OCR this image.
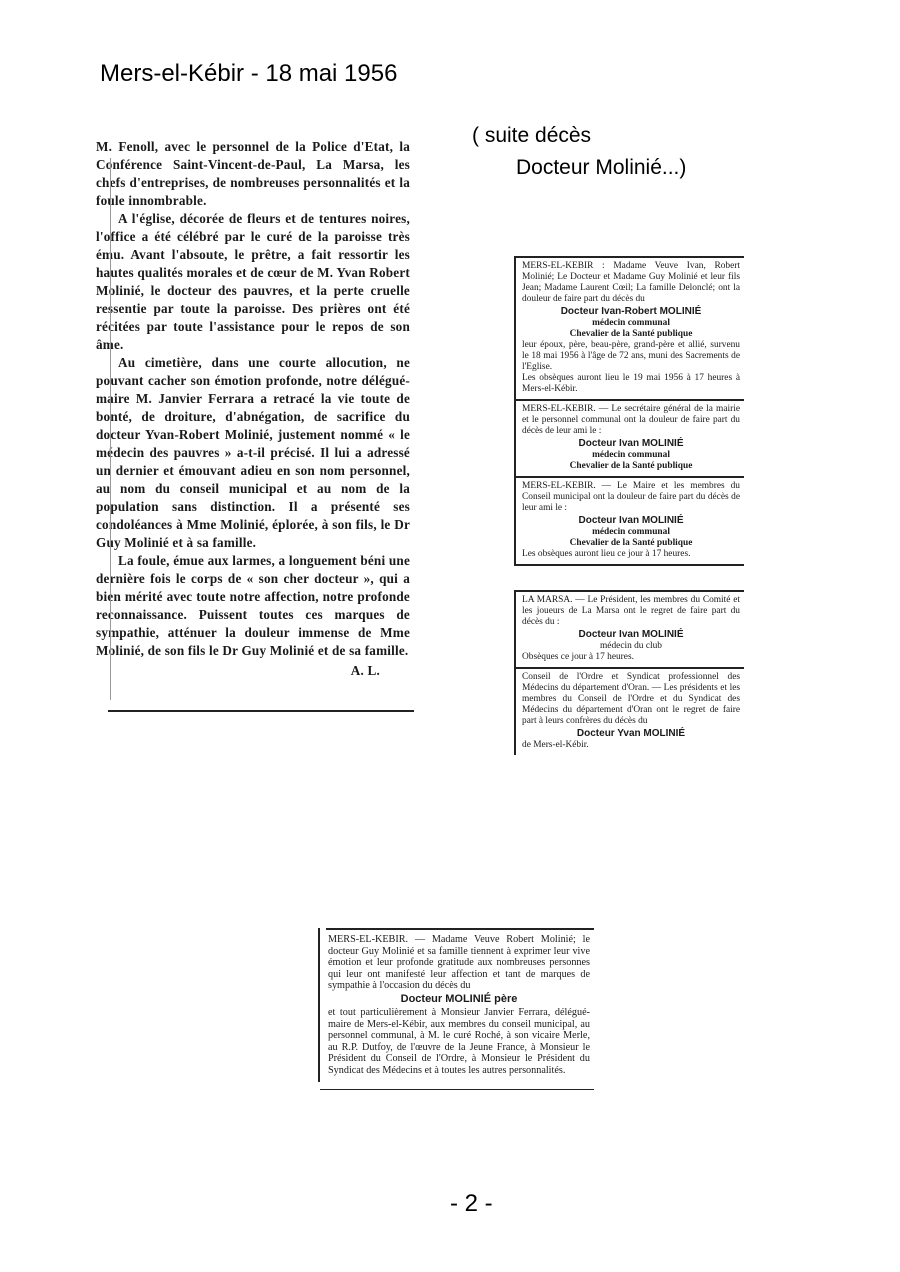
Mers-el-Kébir - 18 mai 1956
( suite décès
Docteur Molinié...)

M. Fenoll, avec le personnel de la Police d'Etat, la Conférence Saint-Vincent-de-Paul, La Marsa, les chefs d'entreprises, de nombreuses personnalités et la foule innombrable.

A l'église, décorée de fleurs et de tentures noires, l'office a été célébré par le curé de la paroisse très ému. Avant l'absoute, le prêtre, a fait ressortir les hautes qualités morales et de cœur de M. Yvan Robert Molinié, le docteur des pauvres, et la perte cruelle ressentie par toute la paroisse. Des prières ont été récitées par toute l'assistance pour le repos de son âme.

Au cimetière, dans une courte allocution, ne pouvant cacher son émotion profonde, notre délégué-maire M. Janvier Ferrara a retracé la vie toute de bonté, de droiture, d'abnégation, de sacrifice du docteur Yvan-Robert Molinié, justement nommé « le médecin des pauvres » a-t-il précisé. Il lui a adressé un dernier et émouvant adieu en son nom personnel, au nom du conseil municipal et au nom de la population sans distinction. Il a présenté ses condoléances à Mme Molinié, éplorée, à son fils, le Dr Guy Molinié et à sa famille.

La foule, émue aux larmes, a longuement béni une dernière fois le corps de « son cher docteur », qui a bien mérité avec toute notre affection, notre profonde reconnaissance. Puissent toutes ces marques de sympathie, atténuer la douleur immense de Mme Molinié, de son fils le Dr Guy Molinié et de sa famille.

A. L.
MERS-EL-KEBIR : Madame Veuve Ivan, Robert Molinié; Le Docteur et Madame Guy Molinié et leur fils Jean; Madame Laurent Cœil; La famille Delonclé; ont la douleur de faire part du décès du
Docteur Ivan-Robert MOLINIÉ
médecin communal
Chevalier de la Santé publique
leur époux, père, beau-père, grand-père et allié, survenu le 18 mai 1956 à l'âge de 72 ans, muni des Sacrements de l'Eglise.
Les obsèques auront lieu le 19 mai 1956 à 17 heures à Mers-el-Kébir.
MERS-EL-KEBIR. — Le secrétaire général de la mairie et le personnel communal ont la douleur de faire part du décès de leur ami le :
Docteur Ivan MOLINIÉ
médecin communal
Chevalier de la Santé publique
MERS-EL-KEBIR. — Le Maire et les membres du Conseil municipal ont la douleur de faire part du décès de leur ami le :
Docteur Ivan MOLINIÉ
médecin communal
Chevalier de la Santé publique
Les obsèques auront lieu ce jour à 17 heures.
LA MARSA. — Le Président, les membres du Comité et les joueurs de La Marsa ont le regret de faire part du décès du :
Docteur Ivan MOLINIÉ
médecin du club
Obsèques ce jour à 17 heures.
Conseil de l'Ordre et Syndicat professionnel des Médecins du département d'Oran. — Les présidents et les membres du Conseil de l'Ordre et du Syndicat des Médecins du département d'Oran ont le regret de faire part à leurs confrères du décès du
Docteur Yvan MOLINIÉ
de Mers-el-Kébir.
MERS-EL-KEBIR. — Madame Veuve Robert Molinié; le docteur Guy Molinié et sa famille tiennent à exprimer leur vive émotion et leur profonde gratitude aux nombreuses personnes qui leur ont manifesté leur affection et tant de marques de sympathie à l'occasion du décès du
Docteur MOLINIÉ père
et tout particulièrement à Monsieur Janvier Ferrara, délégué-maire de Mers-el-Kébir, aux membres du conseil municipal, au personnel communal, à M. le curé Roché, à son vicaire Merle, au R.P. Dutfoy, de l'œuvre de la Jeune France, à Monsieur le Président du Conseil de l'Ordre, à Monsieur le Président du Syndicat des Médecins et à toutes les autres personnalités.
- 2 -
